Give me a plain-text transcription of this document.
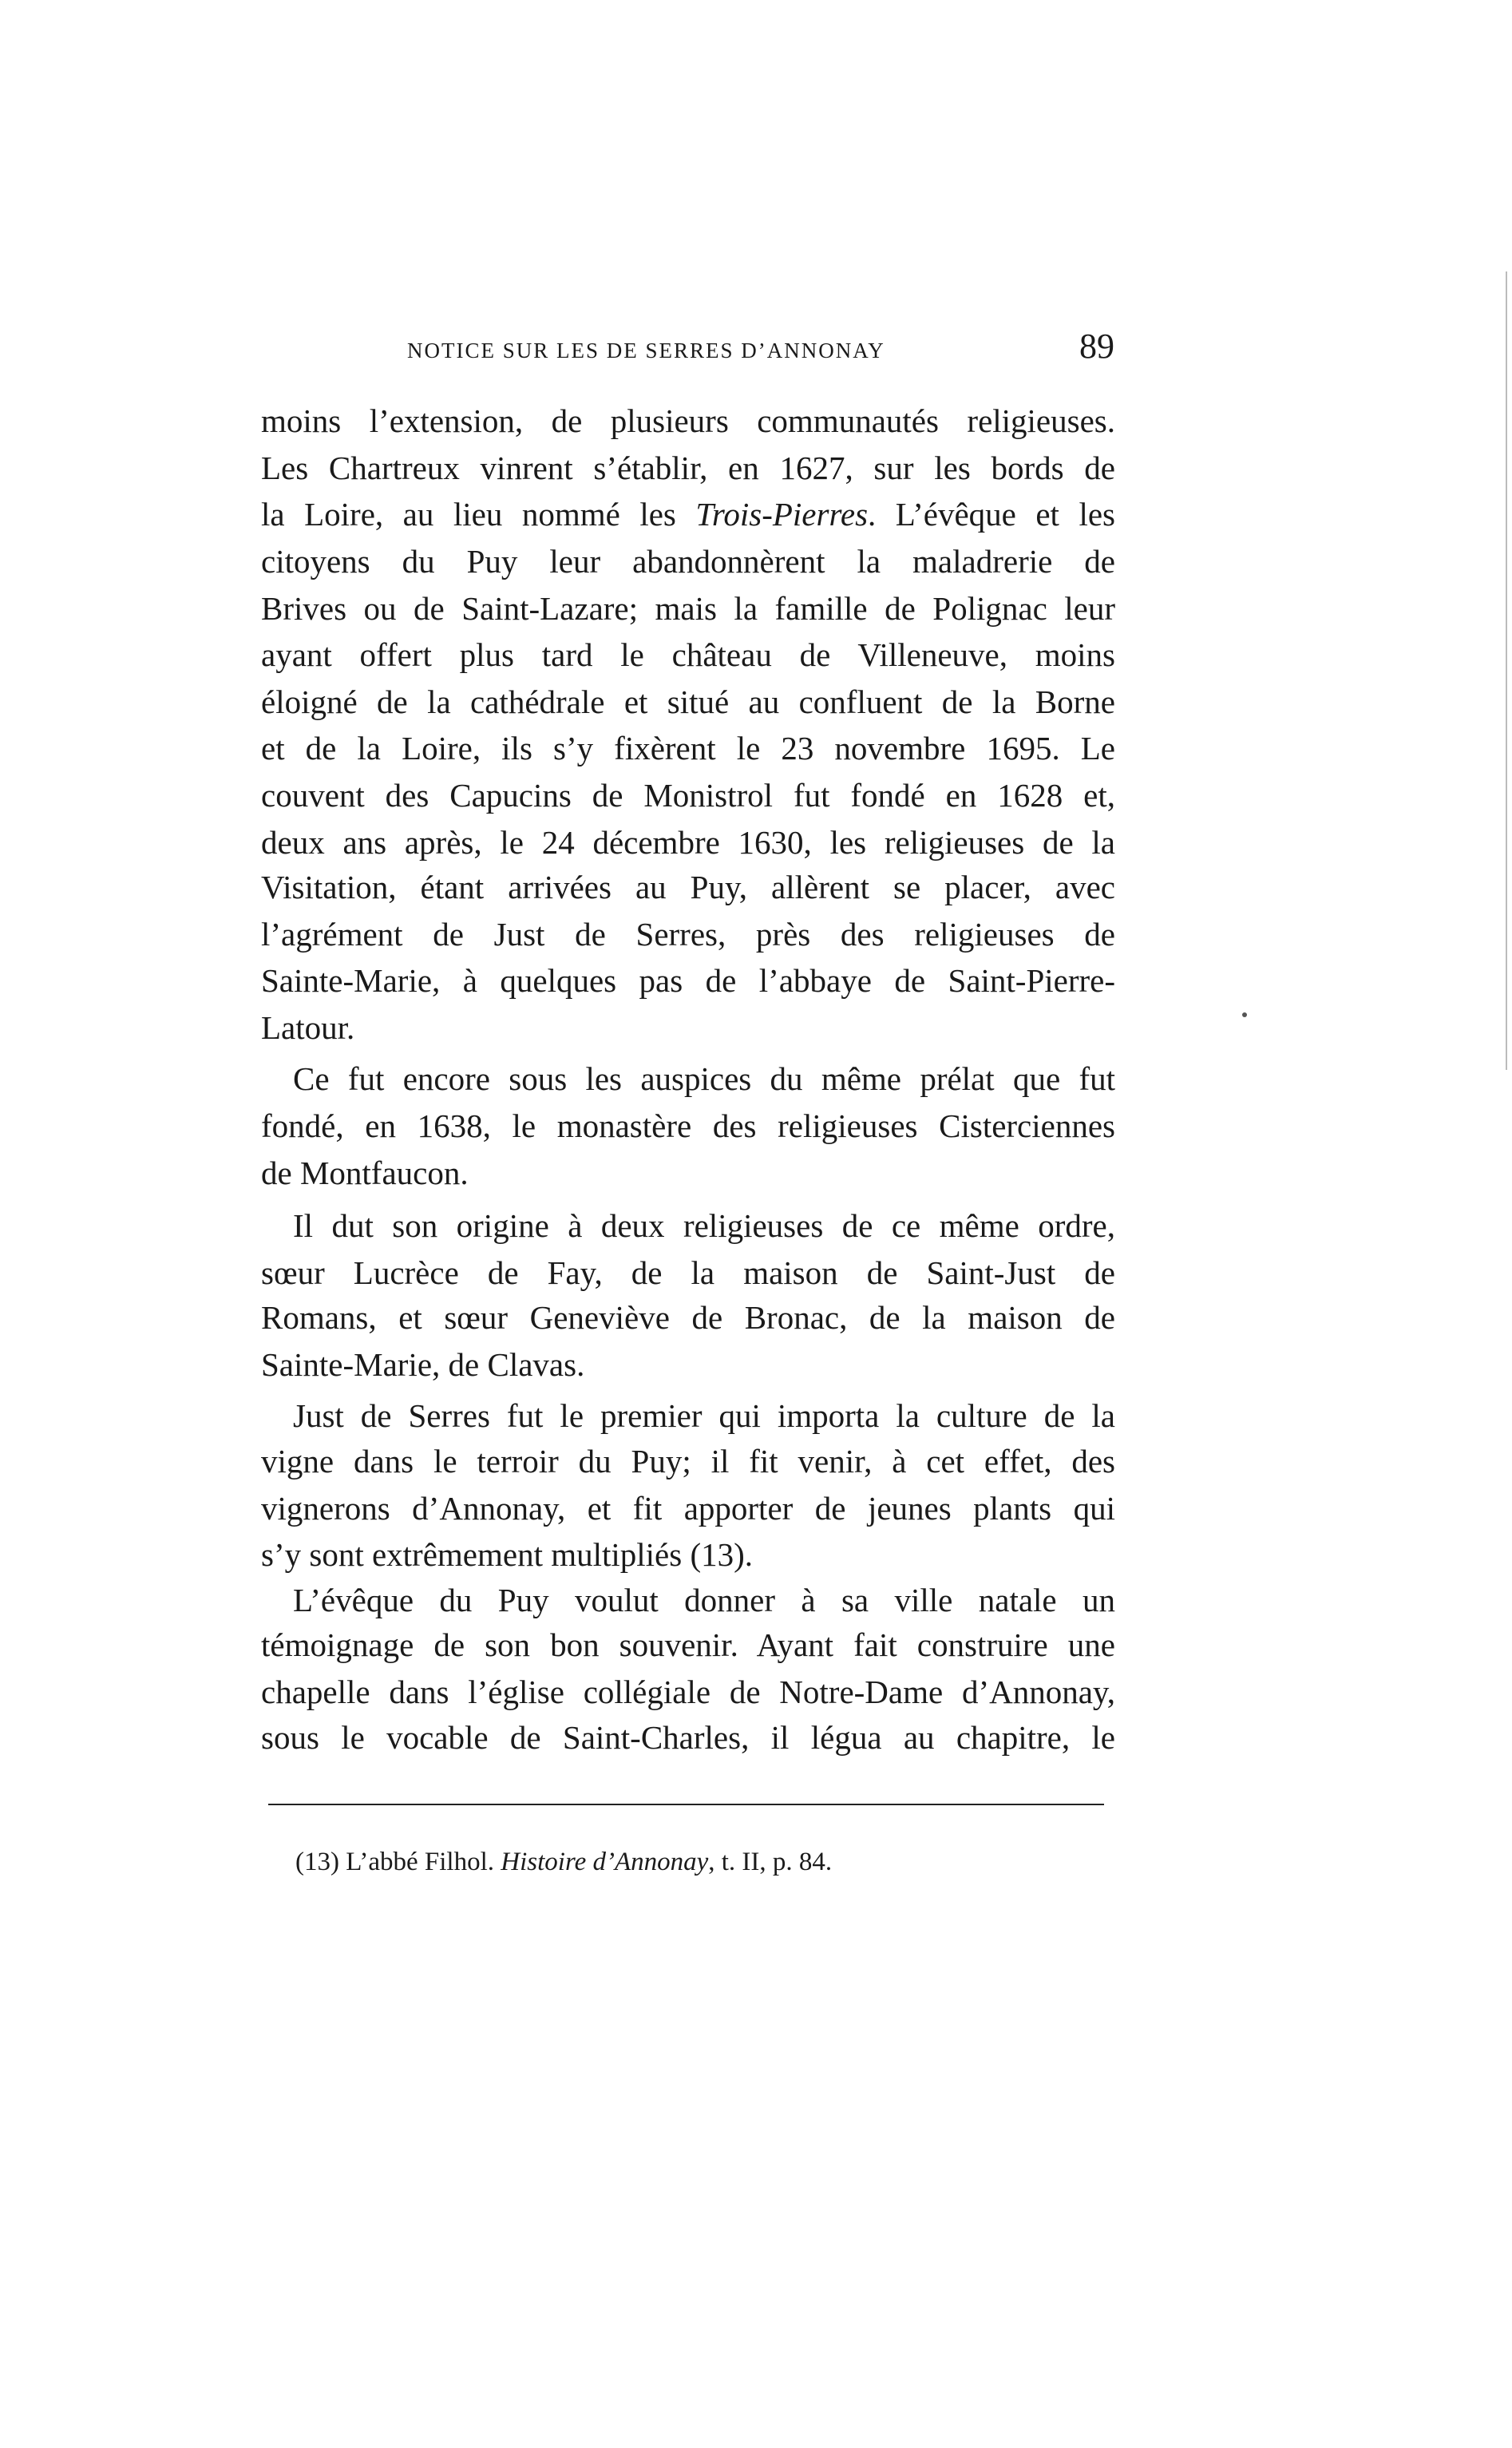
NOTICE SUR LES DE SERRES D’ANNONAY	89
moins l’extension, de plusieurs communautés religieuses.
Les Chartreux vinrent s’établir, en 1627, sur les bords de
la Loire, au lieu nommé les Trois-Pierres. L’évêque et les
citoyens du Puy leur abandonnèrent la maladrerie de
Brives ou de Saint-Lazare; mais la famille de Polignac leur
ayant offert plus tard le château de Villeneuve, moins
éloigné de la cathédrale et situé au confluent de la Borne
et de la Loire, ils s’y fixèrent le 23 novembre 1695. Le
couvent des Capucins de Monistrol fut fondé en 1628 et,
deux ans après, le 24 décembre 1630, les religieuses de la
Visitation, étant arrivées au Puy, allèrent se placer, avec
l’agrément de Just de Serres, près des religieuses de
Sainte-Marie, à quelques pas de l’abbaye de Saint-Pierre-
Latour.
Ce fut encore sous les auspices du même prélat que fut
fondé, en 1638, le monastère des religieuses Cisterciennes
de Montfaucon.
Il dut son origine à deux religieuses de ce même ordre,
sœur Lucrèce de Fay, de la maison de Saint-Just de
Romans, et sœur Geneviève de Bronac, de la maison de
Sainte-Marie, de Clavas.
Just de Serres fut le premier qui importa la culture de la
vigne dans le terroir du Puy; il fit venir, à cet effet, des
vignerons d’Annonay, et fit apporter de jeunes plants qui
s’y sont extrêmement multipliés (13).
L’évêque du Puy voulut donner à sa ville natale un
témoignage de son bon souvenir. Ayant fait construire une
chapelle dans l’église collégiale de Notre-Dame d’Annonay,
sous le vocable de Saint-Charles, il légua au chapitre, le
(13) L’abbé Filhol. Histoire d’Annonay, t. II, p. 84.
